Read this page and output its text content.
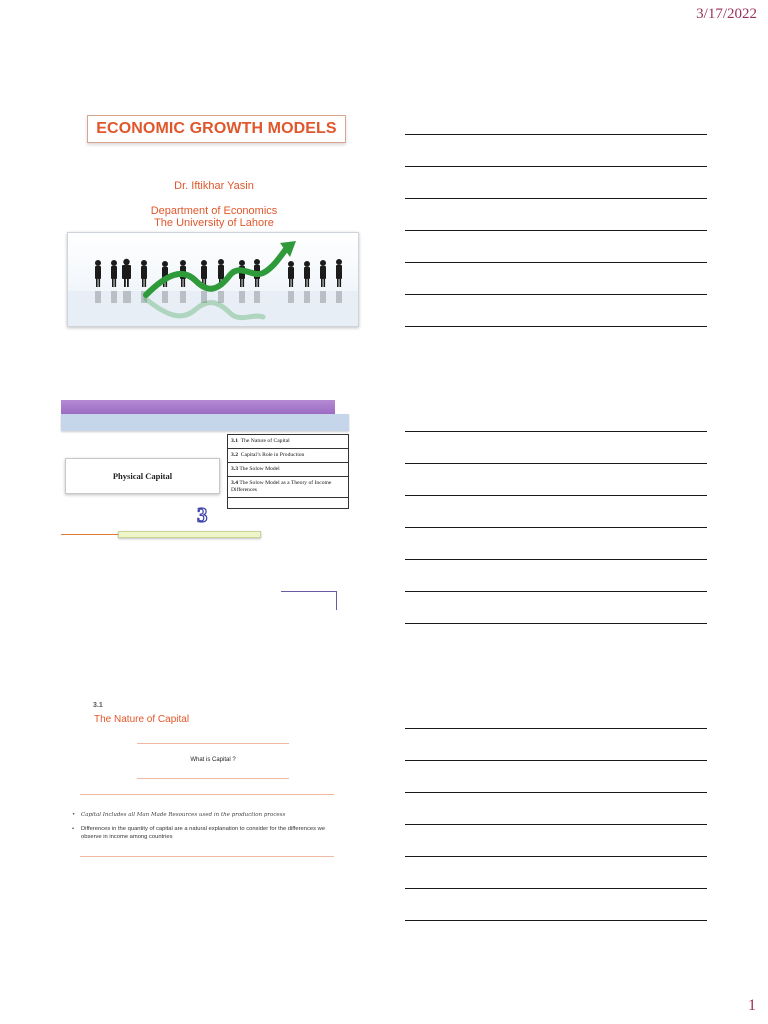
3/17/2022
1
ECONOMIC GROWTH MODELS
Dr. Iftikhar Yasin
Department of Economics
The University of Lahore
Physical Capital
3.1 The Nature of Capital
3.2 Capital’s Role in Production
3.3 The Solow Model
3.4 The Solow Model as a Theory of Income Differences
3
3.1
The Nature of Capital
What is Capital ?
• Capital Includes all Man Made Resources used in the production process
• Differences in the quantity of capital are a natural explanation to consider for the differences we observe in income among countries
